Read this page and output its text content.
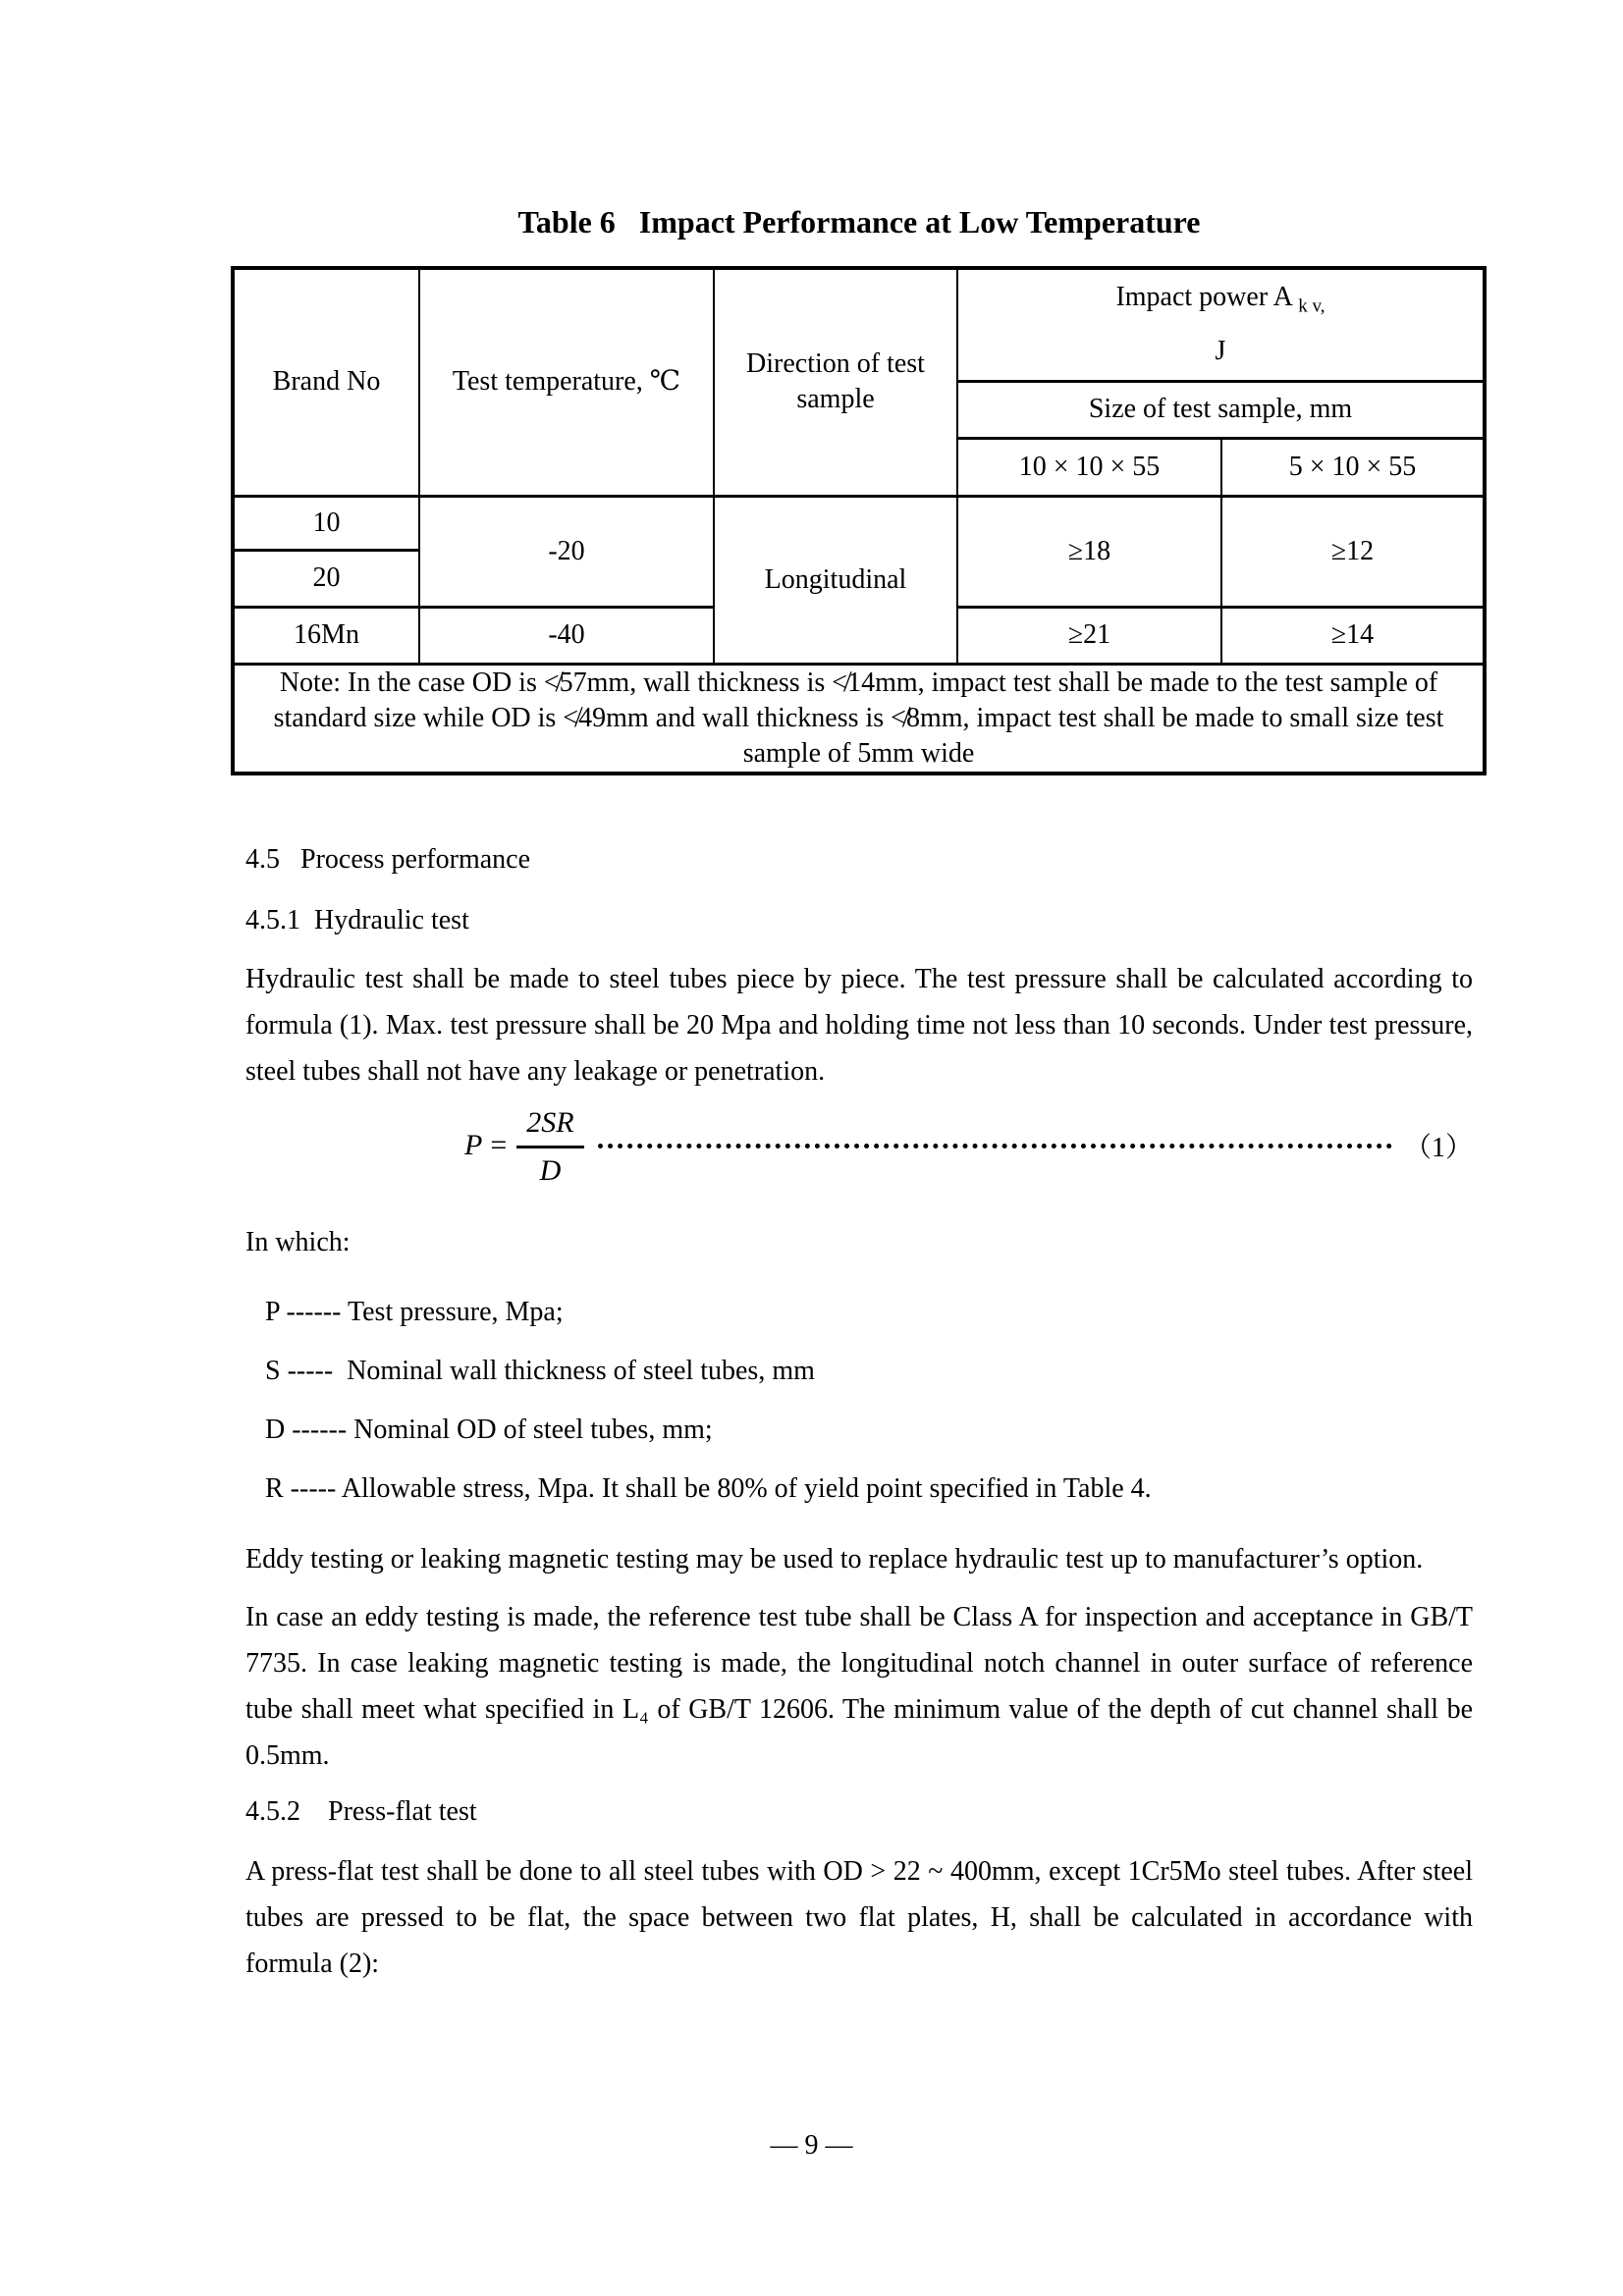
Table 6   Impact Performance at Low Temperature
Brand No	Test temperature, ℃	Direction of test sample	Impact power A $_{k v,}$
J	

			Size of test sample, mm	
			10 × 10 × 55	5 × 10 × 55
10	-20	Longitudinal	≥18	≥12
20				
16Mn	-40		≥21	≥14
Note: In the case OD is ≮57mm, wall thickness is ≮14mm, impact test shall be made to the test sample of standard size while OD is ≮49mm and wall thickness is ≮8mm, impact test shall be made to small size test sample of 5mm wide				
4.5   Process performance
4.5.1  Hydraulic test
Hydraulic test shall be made to steel tubes piece by piece. The test pressure shall be calculated according to formula (1). Max. test pressure shall be 20 Mpa and holding time not less than 10 seconds. Under test pressure, steel tubes shall not have any leakage or penetration.
$P = \frac{2SR}{D}$	（1）
In which:
P ------ Test pressure, Mpa;
S -----  Nominal wall thickness of steel tubes, mm
D ------ Nominal OD of steel tubes, mm;
R ----- Allowable stress, Mpa. It shall be 80% of yield point specified in Table 4.
Eddy testing or leaking magnetic testing may be used to replace hydraulic test up to manufacturer’s option.
In case an eddy testing is made, the reference test tube shall be Class A for inspection and acceptance in GB/T 7735. In case leaking magnetic testing is made, the longitudinal notch channel in outer surface of reference tube shall meet what specified in L₄ of GB/T 12606. The minimum value of the depth of cut channel shall be 0.5mm.
4.5.2    Press-flat test
A press-flat test shall be done to all steel tubes with OD > 22 ~ 400mm, except 1Cr5Mo steel tubes. After steel tubes are pressed to be flat, the space between two flat plates, H, shall be calculated in accordance with formula (2):
— 9 —
